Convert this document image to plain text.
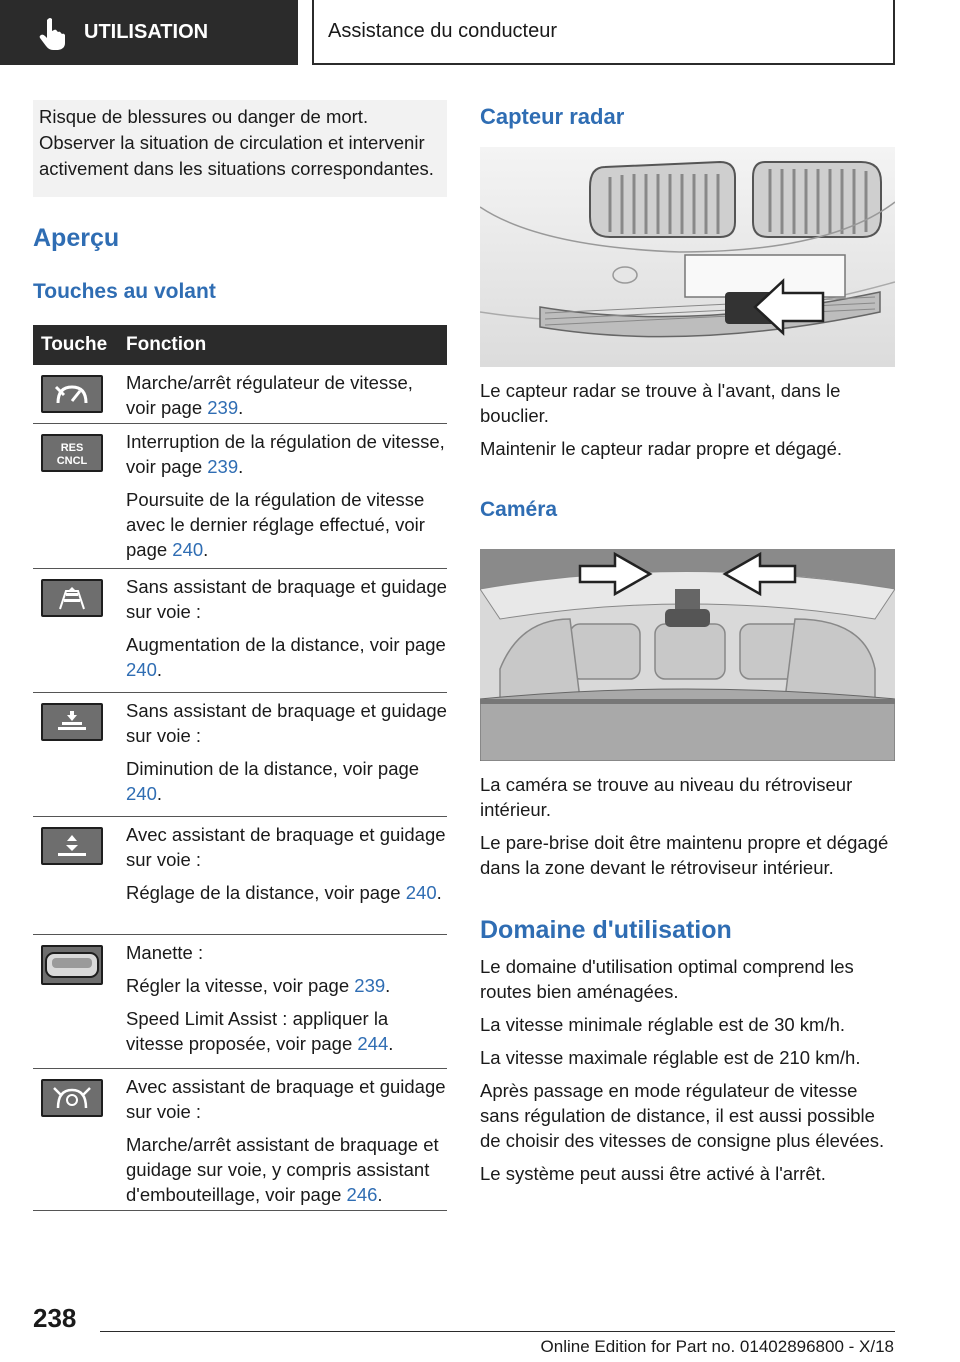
UTILISATION	Assistance du conducteur
Risque de blessures ou danger de mort. Observer la situation de circulation et intervenir activement dans les situations correspondantes.
Aperçu
Touches au volant
Touche Fonction

Marche/arrêt régulateur de vitesse, voir page 239.

RES
CNCL

Interruption de la régulation de vitesse, voir page 239.

Poursuite de la régulation de vitesse avec le dernier réglage effectué, voir page 240.

Sans assistant de braquage et guidage sur voie :

Augmentation de la distance, voir page 240.

Sans assistant de braquage et guidage sur voie :

Diminution de la distance, voir page 240.

Avec assistant de braquage et guidage sur voie :

Réglage de la distance, voir page 240.

Manette :

Régler la vitesse, voir page 239.

Speed Limit Assist : appliquer la vitesse proposée, voir page 244.

Avec assistant de braquage et guidage sur voie :

Marche/arrêt assistant de braquage et guidage sur voie, y compris assistant d'embouteillage, voir page 246.

Capteur radar

Le capteur radar se trouve à l'avant, dans le bouclier.

Maintenir le capteur radar propre et dégagé.

Caméra

La caméra se trouve au niveau du rétroviseur intérieur.

Le pare-brise doit être maintenu propre et dégagé dans la zone devant le rétroviseur intérieur.

Domaine d'utilisation

Le domaine d'utilisation optimal comprend les routes bien aménagées.

La vitesse minimale réglable est de 30 km/h.

La vitesse maximale réglable est de 210 km/h.

Après passage en mode régulateur de vitesse sans régulation de distance, il est aussi possible de choisir des vitesses de consigne plus élevées.

Le système peut aussi être activé à l'arrêt.

238
Online Edition for Part no. 01402896800 - X/18
